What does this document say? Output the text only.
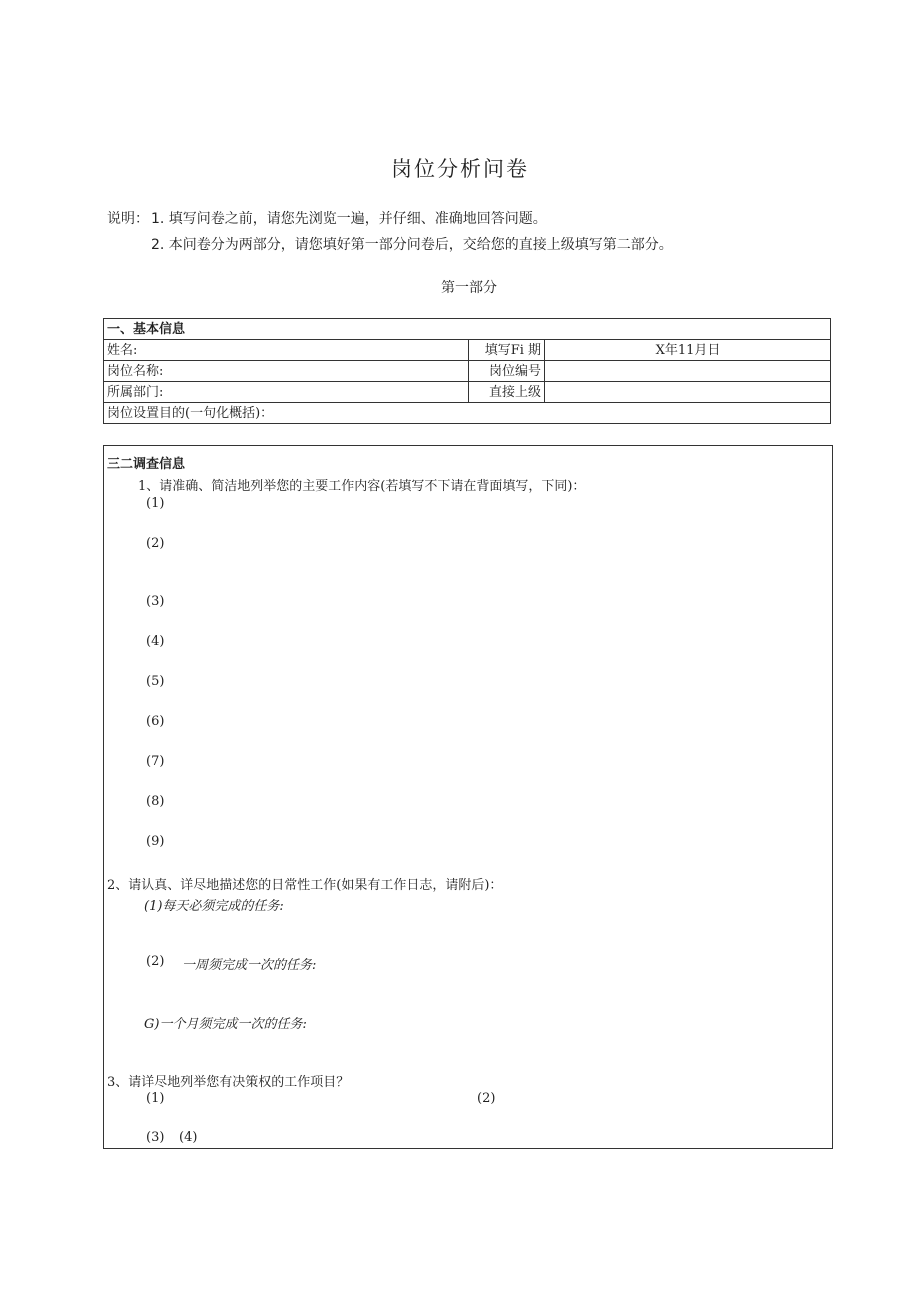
岗位分析问卷
说明： 1. 填写问卷之前，请您先浏览一遍，并仔细、准确地回答问题。
2. 本问卷分为两部分，请您填好第一部分问卷后，交给您的直接上级填写第二部分。
第一部分
一、基本信息
姓名:	填写Fi 期	X年11月日
岗位名称:	岗位编号
所属部门:	直接上级
岗位设置目的(一句化概括)：
三二调查信息
1、请准确、简洁地列举您的主要工作内容(若填写不下请在背面填写，下同)：
(1)
(2)
(3)
(4)
(5)
(6)
(7)
(8)
(9)
2、请认真、详尽地描述您的日常性工作(如果有工作日志，请附后)：
(1)每天必须完成的任务:
(2) 一周须完成一次的任务:
G)一个月须完成一次的任务:
3、请详尽地列举您有决策权的工作项目？
(1)	(2)
(3) (4)
